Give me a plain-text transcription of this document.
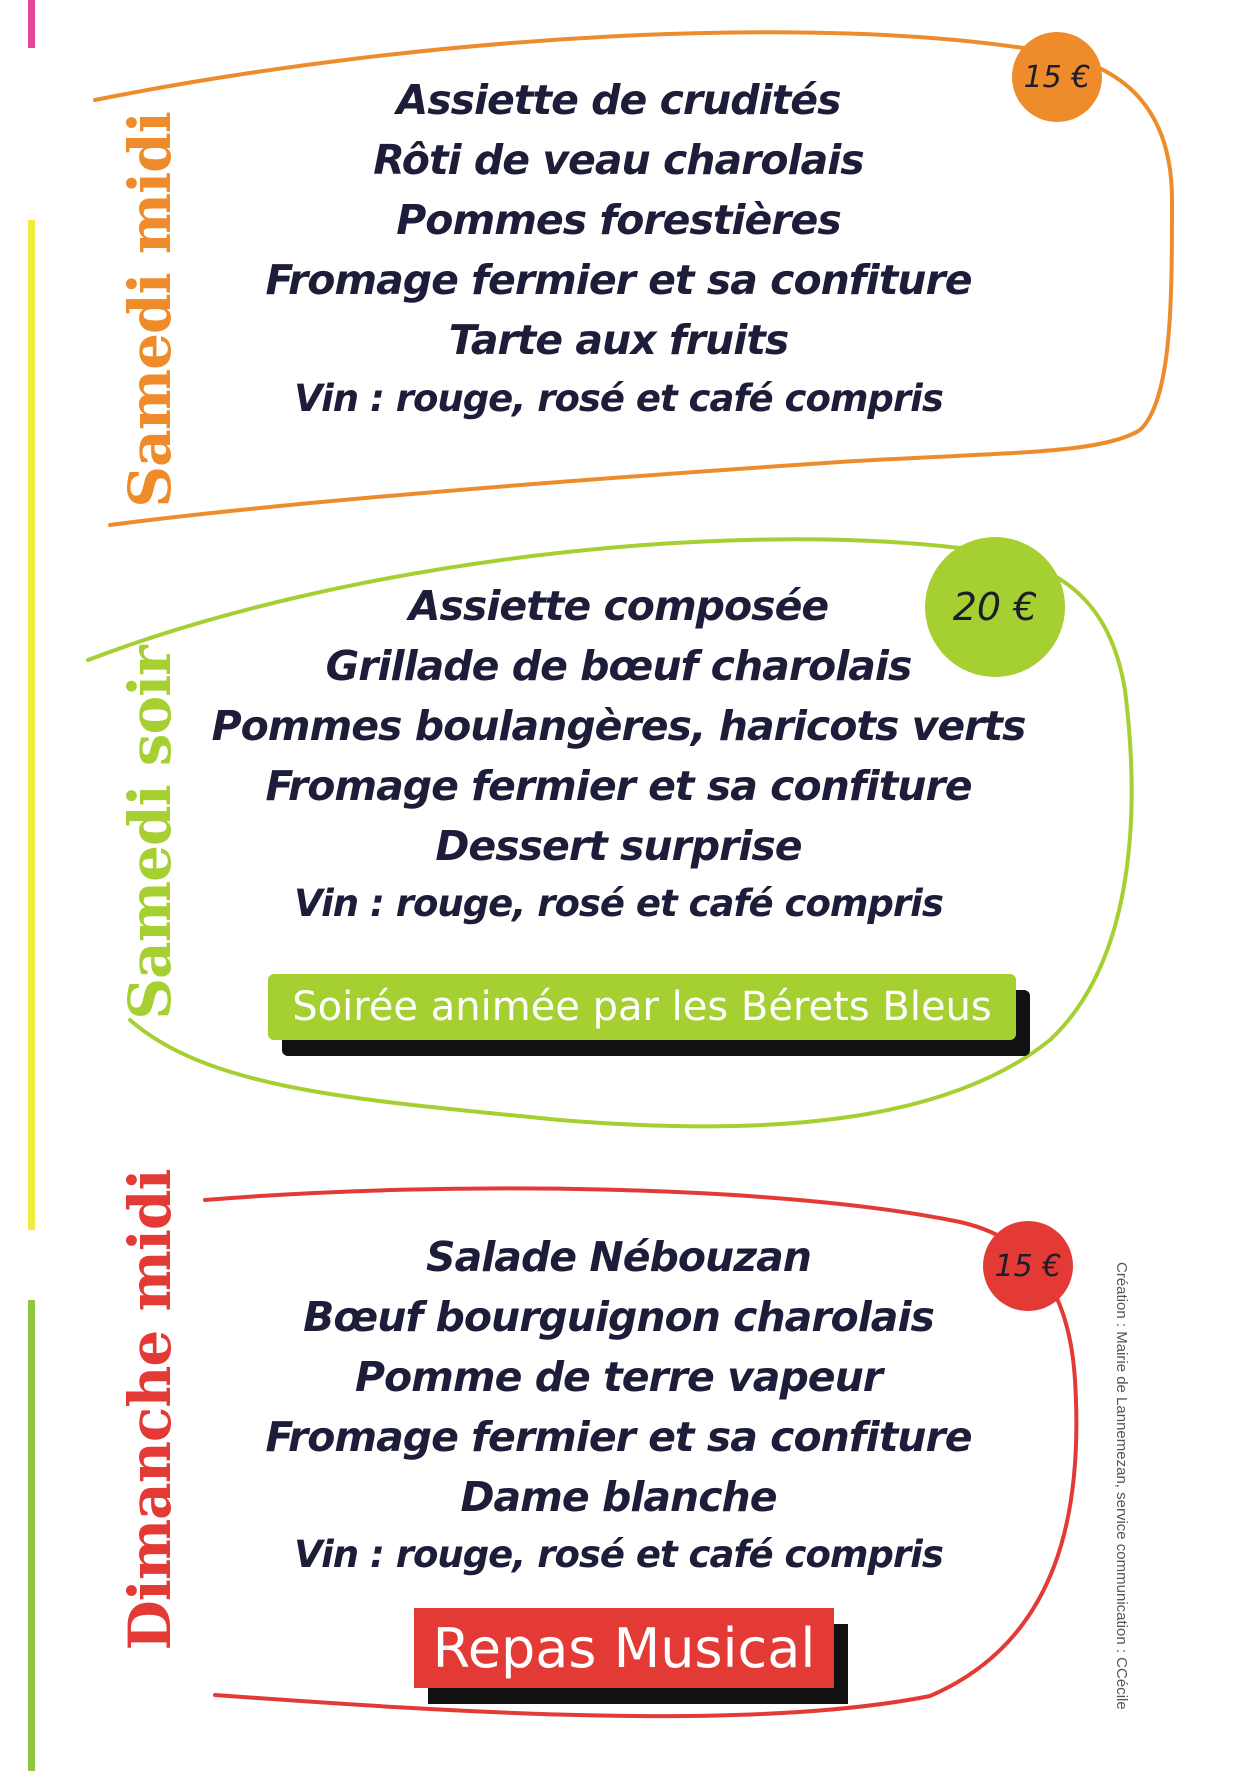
Samedi midi
15 €
Assiette de crudités
Rôti de veau charolais
Pommes forestières
Fromage fermier et sa confiture
Tarte aux fruits
Vin : rouge, rosé et café compris
Samedi soir
20 €
Assiette composée
Grillade de bœuf charolais
Pommes boulangères, haricots verts
Fromage fermier et sa confiture
Dessert surprise
Vin : rouge, rosé et café compris
Soirée animée par les Bérets Bleus
Dimanche midi	15 €
Salade Nébouzan
Bœuf bourguignon charolais
Pomme de terre vapeur
Fromage fermier et sa confiture
Dame blanche
Vin : rouge, rosé et café compris
Repas Musical	Création : Mairie de Lannemezan, service communication : CCécile
